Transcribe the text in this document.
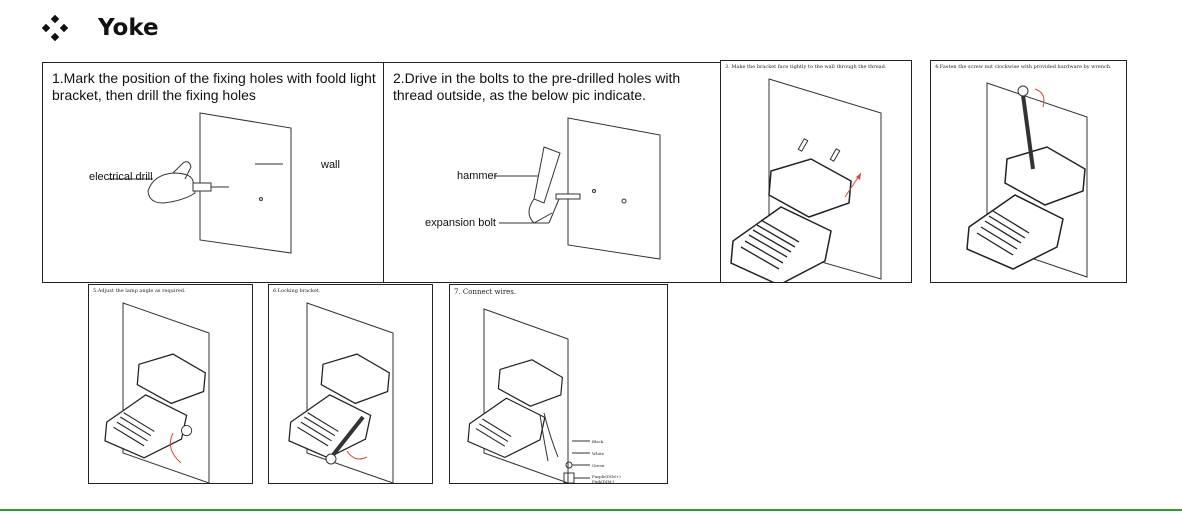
Yoke
1.Mark the position of the fixing holes with foold light bracket, then drill the fixing holes
electrical drill
wall
2.Drive in the bolts to the pre-drilled holes with thread outside, as the below pic indicate.
hammer
expansion bolt
3. Make the bracket face tightly to the wall through the thread.	4.Fasten the screw nut clockwise with provided hardware by wrench.
5.Adjust the lamp angle as required.	6.Locking bracket.	7. Connect wires.
Black
White
Green
Purple(DIM+)
Pink(DIM-)
